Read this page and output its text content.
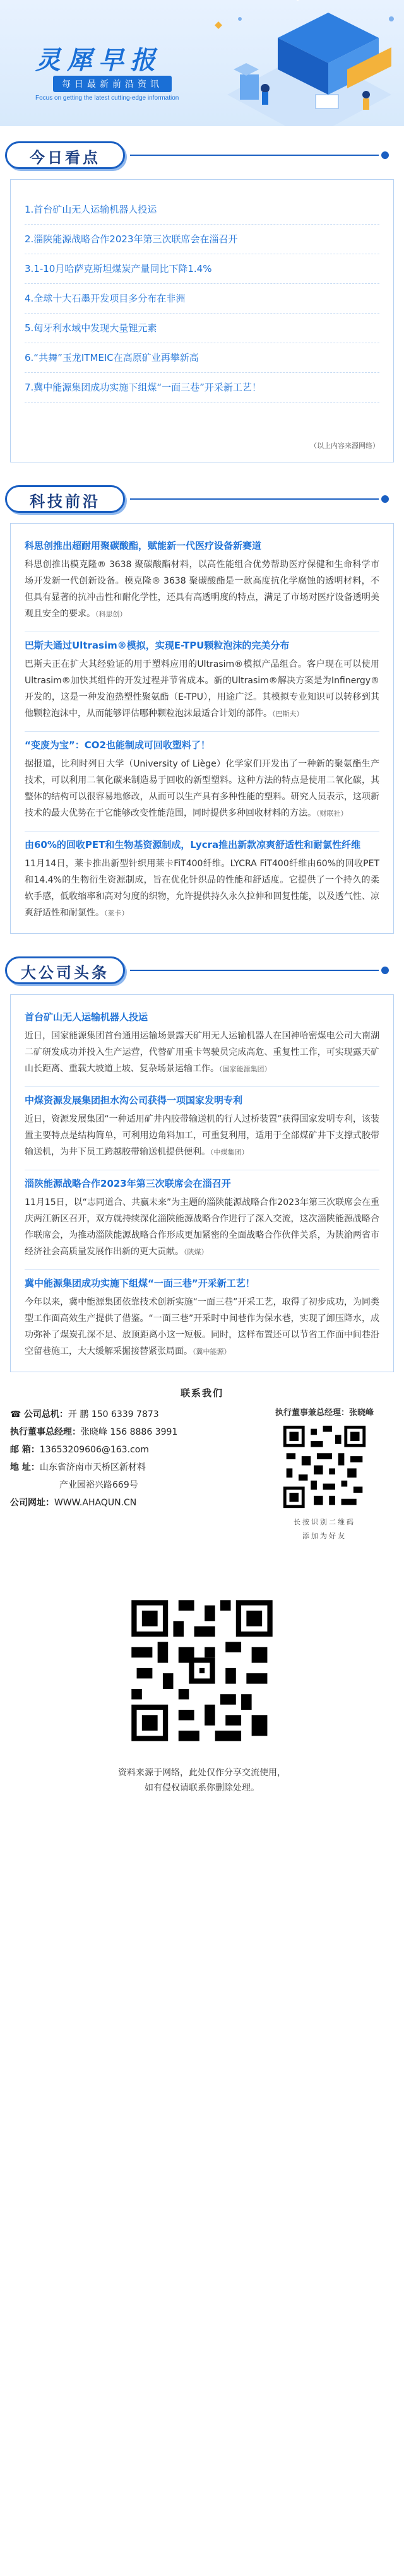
灵犀早报
每日最新前沿资讯
Focus on getting the latest cutting-edge information
今日看点
1.首台矿山无人运输机器人投运
2.淄陕能源战略合作2023年第三次联席会在淄召开
3.1-10月哈萨克斯坦煤炭产量同比下降1.4%
4.全球十大石墨开发项目多分布在非洲
5.匈牙利水域中发现大量锂元素
6.“共舞”玉龙ITMEIC在高原矿业再攀新高
7.冀中能源集团成功实施下组煤“一面三巷”开采新工艺！
（以上内容来源网络）
科技前沿
科思创推出超耐用聚碳酸酯，赋能新一代医疗设备新赛道
科思创推出模克隆® 3638 聚碳酸酯材料，以高性能组合优势帮助医疗保健和生命科学市场开发新一代创新设备。模克隆® 3638 聚碳酸酯是一款高度抗化学腐蚀的透明材料，不但具有显著的抗冲击性和耐化学性，还具有高透明度的特点，满足了市场对医疗设备透明美观且安全的要求。（科思创）
巴斯夫通过Ultrasim®模拟，实现E-TPU颗粒泡沫的完美分布
巴斯夫正在扩大其经验证的用于塑料应用的Ultrasim®模拟产品组合。客户现在可以使用Ultrasim®加快其组件的开发过程并节省成本。新的Ultrasim®解决方案是为Infinergy®开发的，这是一种发泡热塑性聚氨酯（E-TPU），用途广泛。其模拟专业知识可以转移到其他颗粒泡沫中，从而能够评估哪种颗粒泡沫最适合计划的部件。（巴斯夫）
“变废为宝”：CO2也能制成可回收塑料了！
据报道，比利时列日大学（University of Liège）化学家们开发出了一种新的聚氨酯生产技术，可以利用二氧化碳来制造易于回收的新型塑料。这种方法的特点是使用二氧化碳，其整体的结构可以很容易地修改，从而可以生产具有多种性能的塑料。研究人员表示，这项新技术的最大优势在于它能够改变性能范围，同时提供多种回收材料的方法。（财联社）
由60%的回收PET和生物基资源制成，Lycra推出新款凉爽舒适性和耐氯性纤维
11月14日，莱卡推出新型针织用莱卡FiT400纤维。LYCRA FiT400纤维由60%的回收PET和14.4%的生物衍生资源制成，旨在优化针织品的性能和舒适度。它提供了一个持久的柔软手感，低收缩率和高对匀度的织物，允许提供持久永久拉伸和回复性能，以及透气性、凉爽舒适性和耐氯性。（莱卡）
大公司头条
首台矿山无人运输机器人投运
近日，国家能源集团首台通用运输场景露天矿用无人运输机器人在国神哈密煤电公司大南湖二矿研发成功并投入生产运营，代替矿用重卡驾驶员完成高危、重复性工作，可实现露天矿山长距离、重载大坡道上坡、复杂场景运输工作。（国家能源集团）
中煤资源发展集团担水沟公司获得一项国家发明专利
近日，资源发展集团“一种适用矿井内胶带输送机的行人过桥装置”获得国家发明专利，该装置主要特点是结构简单，可利用边角料加工，可重复利用，适用于全部煤矿井下支撑式胶带输送机，为井下员工跨越胶带输送机提供便利。（中煤集团）
淄陕能源战略合作2023年第三次联席会在淄召开
11月15日，以“志同道合、共赢未来”为主题的淄陕能源战略合作2023年第三次联席会在重庆两江新区召开，双方就持续深化淄陕能源战略合作进行了深入交流，这次淄陕能源战略合作联席会，为推动淄陕能源战略合作形成更加紧密的全面战略合作伙伴关系，为陕渝两省市经济社会高质量发展作出新的更大贡献。（陕煤）
冀中能源集团成功实施下组煤“一面三巷”开采新工艺！
今年以来，冀中能源集团依靠技术创新实施“一面三巷”开采工艺，取得了初步成功，为同类型工作面高效生产提供了借鉴。“一面三巷”开采时中间巷作为保水巷，实现了卸压降水，成功弥补了煤炭孔深不足、放顶距离小这一短板。同时，这样布置还可以节省工作面中间巷沿空留巷施工，大大缓解采掘接替紧张局面。（冀中能源）
联系我们
☎ 公司总机：开 鹏 150 6339 7873
执行董事总经理：张晓峰 156 8886 3991
邮 箱：13653209606@163.com
地 址：山东省济南市天桥区新材料
产业园裕兴路669号
公司网址：WWW.AHAQUN.CN
执行董事兼总经理：张晓峰
长按识别二维码
添加为好友
资料来源于网络，此处仅作分享交流使用，
如有侵权请联系你删除处理。
